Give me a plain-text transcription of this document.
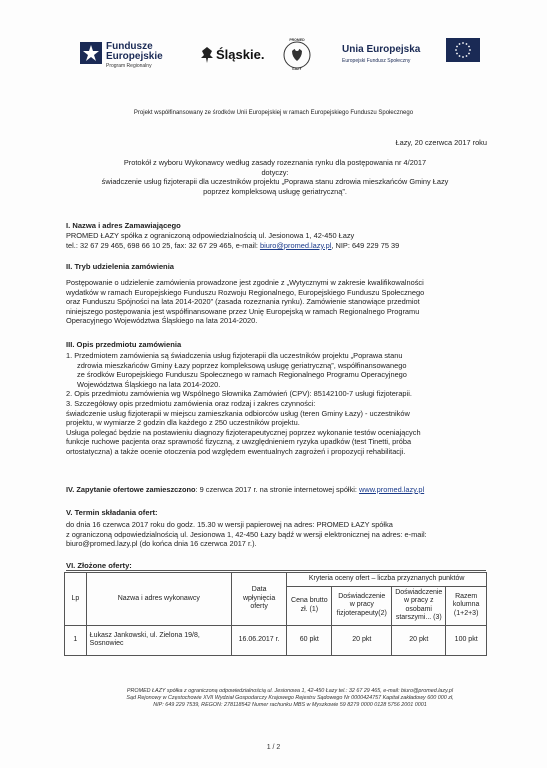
Fundusze
Europejskie
Program Regionalny
Śląskie.
PROMED
ŁAZY
Unia Europejska
Europejski Fundusz Społeczny
Projekt współfinansowany ze środków Unii Europejskiej w ramach Europejskiego Funduszu Społecznego
Łazy, 20 czerwca 2017 roku
Protokół z wyboru Wykonawcy według zasady rozeznania rynku dla postępowania nr 4/2017
dotyczy:
świadczenie usług fizjoterapii dla uczestników projektu „Poprawa stanu zdrowia mieszkańców Gminy Łazy
poprzez kompleksową usługę geriatryczną”.
I. Nazwa i adres Zamawiającego
PROMED ŁAZY spółka z ograniczoną odpowiedzialnością ul. Jesionowa 1, 42-450 Łazy
tel.: 32 67 29 465, 698 66 10 25, fax: 32 67 29 465, e-mail: biuro@promed.lazy.pl, NIP: 649 229 75 39
II. Tryb udzielenia zamówienia
Postępowanie o udzielenie zamówienia prowadzone jest zgodnie z „Wytycznymi w zakresie kwalifikowalności
wydatków w ramach Europejskiego Funduszu Rozwoju Regionalnego, Europejskiego Funduszu Społecznego
oraz Funduszu Spójności na lata 2014-2020” (zasada rozeznania rynku). Zamówienie stanowiące przedmiot
niniejszego postępowania jest współfinansowane przez Unię Europejską w ramach Regionalnego Programu
Operacyjnego Województwa Śląskiego na lata 2014-2020.
III. Opis przedmiotu zamówienia
1. Przedmiotem zamówienia są świadczenia usług fizjoterapii dla uczestników projektu „Poprawa stanu
zdrowia mieszkańców Gminy Łazy poprzez kompleksową usługę geriatryczną”, współfinansowanego
ze środków Europejskiego Funduszu Społecznego w ramach Regionalnego Programu Operacyjnego
Województwa Śląskiego na lata 2014-2020.
2. Opis przedmiotu zamówienia wg Wspólnego Słownika Zamówień (CPV): 85142100-7 usługi fizjoterapii.
3. Szczegółowy opis przedmiotu zamówienia oraz rodzaj i zakres czynności:
świadczenie usług fizjoterapii w miejscu zamieszkania odbiorców usług (teren Gminy Łazy) - uczestników
projektu, w wymiarze 2 godzin dla każdego z 250 uczestników projektu.
Usługa polegać będzie na postawieniu diagnozy fizjoterapeutycznej poprzez wykonanie testów oceniających
funkcje ruchowe pacjenta oraz sprawność fizyczną, z uwzględnieniem ryzyka upadków (test Tinetti, próba
ortostatyczna) a także ocenie otoczenia pod względem ewentualnych zagrożeń i propozycji rehabilitacji.
IV. Zapytanie ofertowe zamieszczono: 9 czerwca 2017 r. na stronie internetowej spółki: www.promed.lazy.pl
V. Termin składania ofert:
do dnia 16 czerwca 2017 roku do godz. 15.30 w wersji papierowej na adres: PROMED ŁAZY spółka
z ograniczoną odpowiedzialnością ul. Jesionowa 1, 42-450 Łazy bądź w wersji elektronicznej na adres: e-mail:
biuro@promed.lazy.pl (do końca dnia 16 czerwca 2017 r.).
VI. Złożone oferty:
Lp	Nazwa i adres wykonawcy	Data wpłynięcia oferty	Kryteria oceny ofert – liczba przyznanych punktów			
			Cena brutto zł. (1)	Doświadczenie w pracy fizjoterapeuty(2)	Doświadczenie w pracy z osobami starszymi... (3)	Razem kolumna (1+2+3)
1	Łukasz Jankowski, ul. Zielona 19/8, Sosnowiec	16.06.2017 r.	60 pkt	20 pkt	20 pkt	100 pkt
PROMED ŁAZY spółka z ograniczoną odpowiedzialnością ul. Jesionowa 1, 42-450 Łazy tel.: 32 67 29 465, e-mail: biuro@promed.lazy.pl
Sąd Rejonowy w Częstochowie XVII Wydział Gospodarczy Krajowego Rejestru Sądowego Nr 0000424757 Kapitał zakładowy 600 000 zł,
NIP: 649 229 7539, REGON: 278118542 Numer rachunku MBS w Myszkowie 59 8279 0000 0128 5756 2001 0001
1 / 2
